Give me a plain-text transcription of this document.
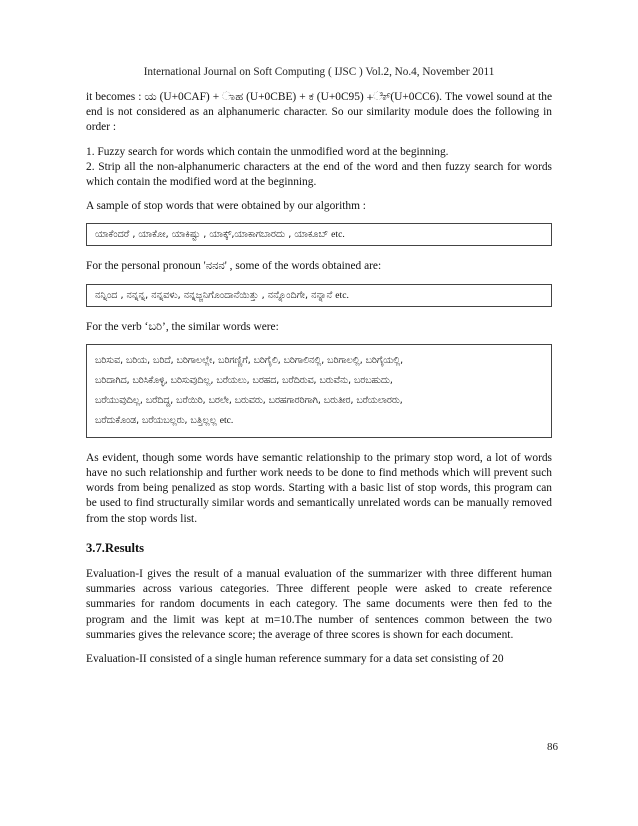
International Journal on Soft Computing ( IJSC ) Vol.2, No.4, November 2011

it becomes : ಯ (U+0CAF) + ಾಹ (U+0CBE) + ಕ (U+0C95) +ೆಾ್(U+0CC6). The vowel sound at the end is not considered as an alphanumeric character. So our similarity module does the following in order :

1. Fuzzy search for words which contain the unmodified word at the beginning.

2. Strip all the non-alphanumeric characters at the end of the word and then fuzzy search for words which contain the modified word at the beginning.

A sample of stop words that were obtained by our algorithm :

ಯಾಕೆಂದರೆ , ಯಾಕೋ, ಯಾಕಿಷ್ಟು , ಯಾಕ್ಕ್,ಯಾಕಾಗಬಾರದು , ಯಾಕೂಬ್ etc.

For the personal pronoun 'ನನನ' , some of the words obtained are:

ನನ್ನಿಂದ , ನನ್ನನ್ನ, ನನ್ನವಳು, ನನ್ನಜ್ಜನಿಗೊಂದಾನೆಯಿತ್ತು , ನನ್ನೊಂದಿಗೇ, ನನ್ನಾನೆ etc.

For the verb ‘ಬರಿ’, the similar words were:

ಬರಿಸುವ, ಬರಿಯ, ಬರಿದೆ, ಬರಿಗಾಲಲ್ಲೇ, ಬರಿಗಣ್ಣಿಗೆ, ಬರಿಗೈಲಿ, ಬರಿಗಾಲಿನಲ್ಲಿ, ಬರಿಗಾಲಲ್ಲಿ, ಬರಿಗೈಯಲ್ಲಿ,
ಬರಿದಾಗಿದ, ಬರಿಸಿಕೊಳ್ಳಿ, ಬರಿಸುವುದಿಲ್ಲ, ಬರೆಯಲು, ಬರಹದ, ಬರೆದಿರುವ, ಬರುವೆನು, ಬರಬಹುದು,
ಬರೆಯುವುದಿಲ್ಲ, ಬರೆದಿದ್ದ, ಬರೆಯಿರಿ, ಬರಲೇ, ಬರುವರು, ಬರಹಗಾರರಿಗಾಗಿ, ಬರುತೀರ, ಬರೆಯಲಾರರು,
ಬರೆದುಕೊಂಡ, ಬರೆಯಬಲ್ಲರು, ಬತ್ತಿಲ್ಲಲ್ಲ etc.

As evident, though some words have semantic relationship to the primary stop word, a lot of words have no such relationship and further work needs to be done to find methods which will prevent such words from being penalized as stop words. Starting with a basic list of stop words, this program can be used to find structurally similar words and semantically unrelated words can be manually removed from the stop words list.

3.7.Results

Evaluation-I gives the result of a manual evaluation of the summarizer with three different human summaries across various categories. Three different people were asked to create reference summaries for random documents in each category. The same documents were then fed to the program and the limit was kept at m=10.The number of sentences common between the two summaries gives the relevance score; the average of three scores is shown for each document.

Evaluation-II consisted of a single human reference summary for a data set consisting of 20

86
